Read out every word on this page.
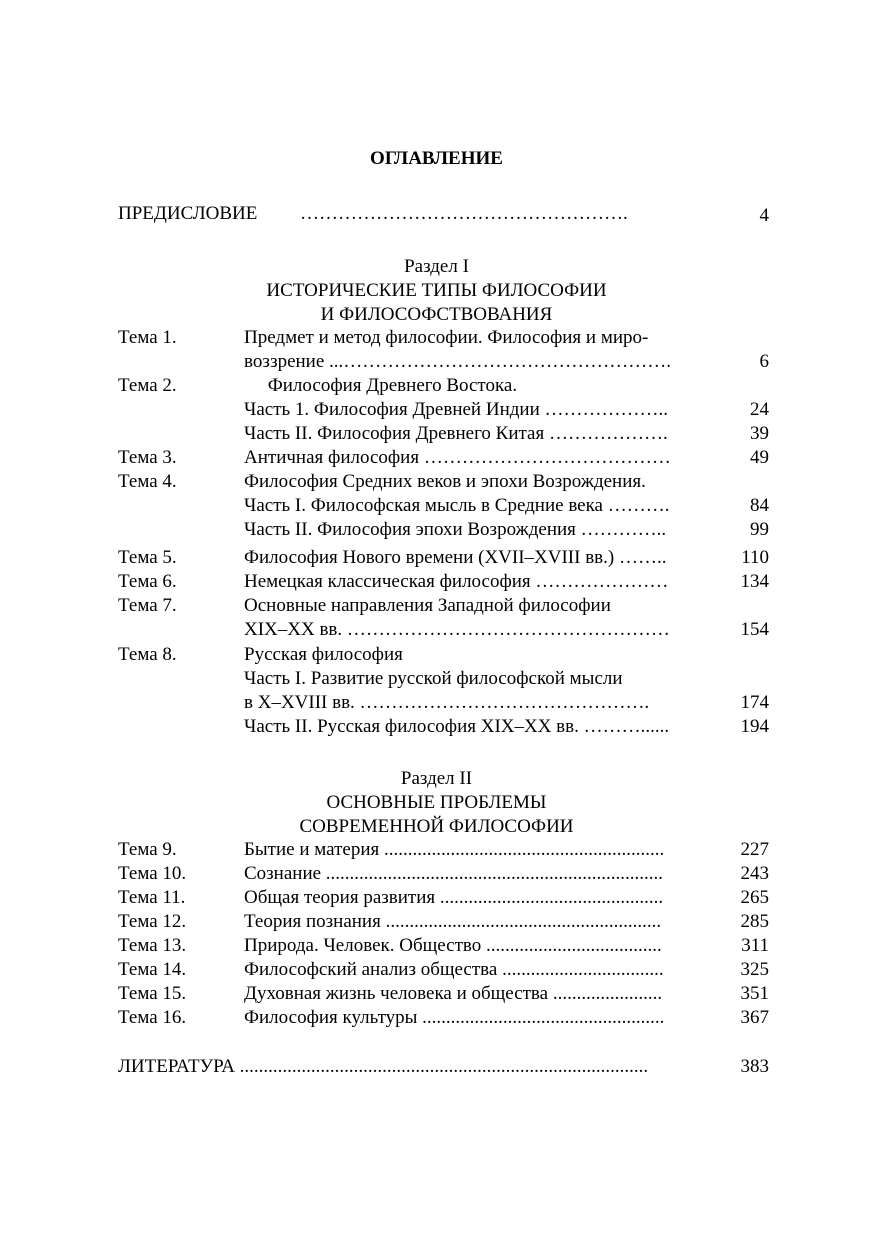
ОГЛАВЛЕНИЕ
ПРЕДИСЛОВИЕ …………………………………………….	4
Раздел I
ИСТОРИЧЕСКИЕ ТИПЫ ФИЛОСОФИИ
И ФИЛОСОФСТВОВАНИЯ
Тема 1.	Предмет и метод философии. Философия и миро-
воззрение ...…………………………………………….	6
Тема 2.	Философия Древнего Востока.
Часть 1. Философия Древней Индии ………………..	24
Часть II. Философия Древнего Китая ……………….	39
Тема 3.	Античная философия …………………………………	49
Тема 4.	Философия Средних веков и эпохи Возрождения.
Часть I. Философская мысль в Средние века ……….	84
Часть II. Философия эпохи Возрождения …………..	99
Тема 5.	Философия Нового времени (XVII–XVIII вв.) ……..	110
Тема 6.	Немецкая классическая философия …………………	134
Тема 7.	Основные направления Западной философии
XIX–XX вв. ……………………………………………	154
Тема 8.	Русская философия
Часть I. Развитие русской философской мысли
в X–XVIII вв. ……………………………………….	174
Часть II. Русская философия XIX–XX вв. ………......	194
Раздел II
ОСНОВНЫЕ ПРОБЛЕМЫ
СОВРЕМЕННОЙ ФИЛОСОФИИ
Тема 9.	Бытие и материя ...........................................................	227
Тема 10.	Сознание .......................................................................	243
Тема 11.	Общая теория развития ...............................................	265
Тема 12.	Теория познания ..........................................................	285
Тема 13.	Природа. Человек. Общество .....................................	311
Тема 14.	Философский анализ общества ..................................	325
Тема 15.	Духовная жизнь человека и общества .......................	351
Тема 16.	Философия культуры ...................................................	367
ЛИТЕРАТУРА ......................................................................................	383
